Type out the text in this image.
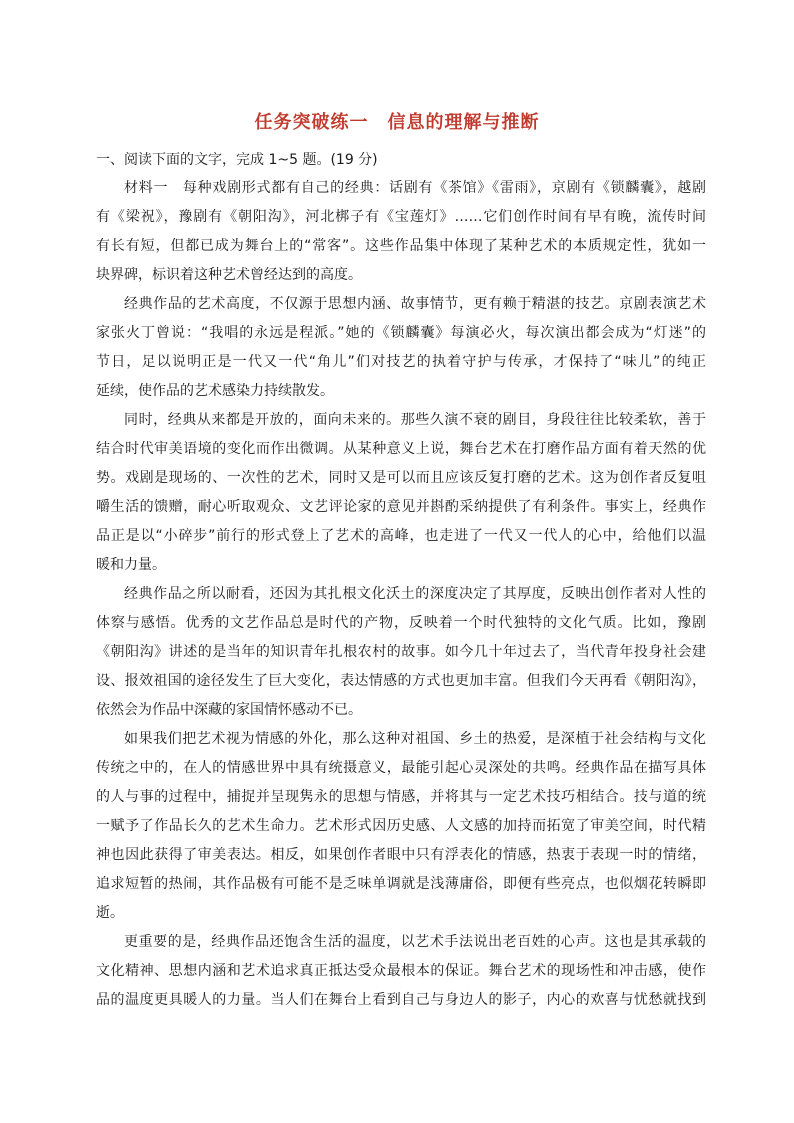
任务突破练一　信息的理解与推断
一、阅读下面的文字，完成 1~5 题。(19 分)
材料一　每种戏剧形式都有自己的经典：话剧有《茶馆》《雷雨》，京剧有《锁麟囊》，越剧
有《梁祝》，豫剧有《朝阳沟》，河北梆子有《宝莲灯》……它们创作时间有早有晚，流传时间
有长有短，但都已成为舞台上的“常客”。这些作品集中体现了某种艺术的本质规定性，犹如一
块界碑，标识着这种艺术曾经达到的高度。
经典作品的艺术高度，不仅源于思想内涵、故事情节，更有赖于精湛的技艺。京剧表演艺术
家张火丁曾说：“我唱的永远是程派。”她的《锁麟囊》每演必火，每次演出都会成为“灯迷”的
节日，足以说明正是一代又一代“角儿”们对技艺的执着守护与传承，才保持了“味儿”的纯正
延续，使作品的艺术感染力持续散发。
同时，经典从来都是开放的，面向未来的。那些久演不衰的剧目，身段往往比较柔软，善于
结合时代审美语境的变化而作出微调。从某种意义上说，舞台艺术在打磨作品方面有着天然的优
势。戏剧是现场的、一次性的艺术，同时又是可以而且应该反复打磨的艺术。这为创作者反复咀
嚼生活的馈赠，耐心听取观众、文艺评论家的意见并斟酌采纳提供了有利条件。事实上，经典作
品正是以“小碎步”前行的形式登上了艺术的高峰，也走进了一代又一代人的心中，给他们以温
暖和力量。
经典作品之所以耐看，还因为其扎根文化沃土的深度决定了其厚度，反映出创作者对人性的
体察与感悟。优秀的文艺作品总是时代的产物，反映着一个时代独特的文化气质。比如，豫剧
《朝阳沟》讲述的是当年的知识青年扎根农村的故事。如今几十年过去了，当代青年投身社会建
设、报效祖国的途径发生了巨大变化，表达情感的方式也更加丰富。但我们今天再看《朝阳沟》，
依然会为作品中深藏的家国情怀感动不已。
如果我们把艺术视为情感的外化，那么这种对祖国、乡土的热爱，是深植于社会结构与文化
传统之中的，在人的情感世界中具有统摄意义，最能引起心灵深处的共鸣。经典作品在描写具体
的人与事的过程中，捕捉并呈现隽永的思想与情感，并将其与一定艺术技巧相结合。技与道的统
一赋予了作品长久的艺术生命力。艺术形式因历史感、人文感的加持而拓宽了审美空间，时代精
神也因此获得了审美表达。相反，如果创作者眼中只有浮表化的情感，热衷于表现一时的情绪，
追求短暂的热闹，其作品极有可能不是乏味单调就是浅薄庸俗，即便有些亮点，也似烟花转瞬即
逝。
更重要的是，经典作品还饱含生活的温度，以艺术手法说出老百姓的心声。这也是其承载的
文化精神、思想内涵和艺术追求真正抵达受众最根本的保证。舞台艺术的现场性和冲击感，使作
品的温度更具暖人的力量。当人们在舞台上看到自己与身边人的影子，内心的欢喜与忧愁就找到
